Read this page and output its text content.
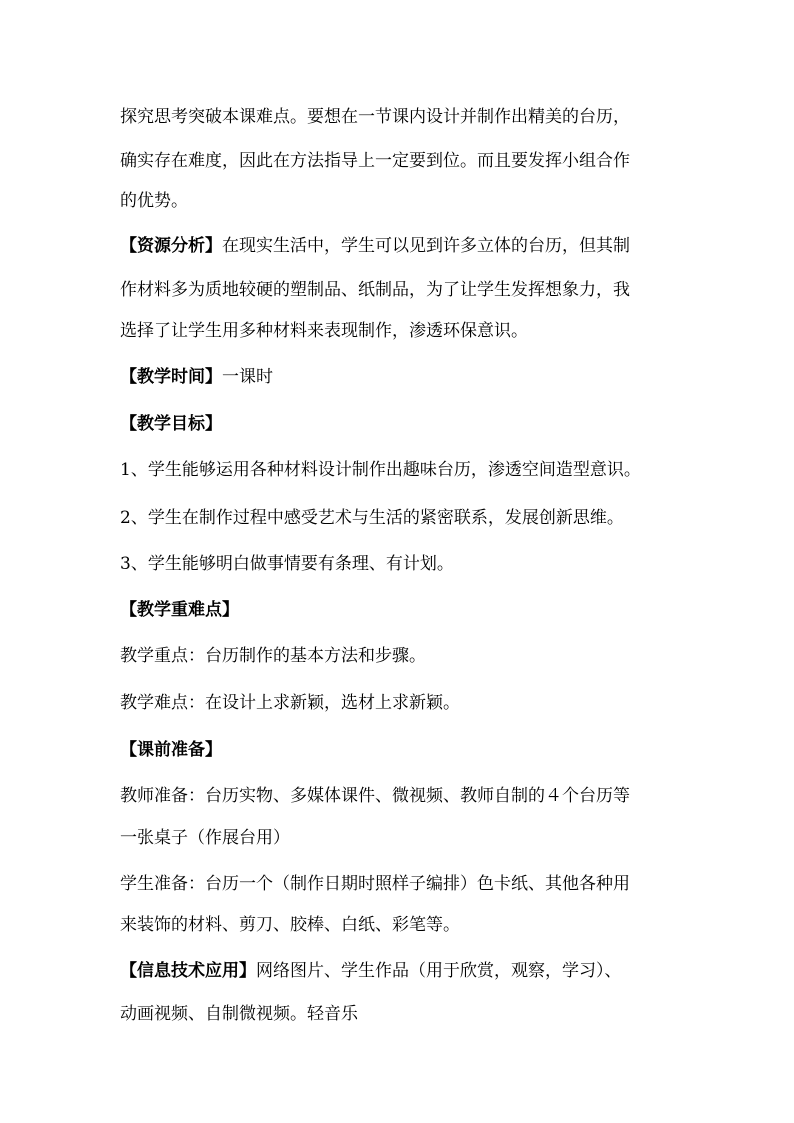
探究思考突破本课难点。要想在一节课内设计并制作出精美的台历，
确实存在难度，因此在方法指导上一定要到位。而且要发挥小组合作
的优势。
【资源分析】在现实生活中，学生可以见到许多立体的台历，但其制
作材料多为质地较硬的塑制品、纸制品，为了让学生发挥想象力，我
选择了让学生用多种材料来表现制作，渗透环保意识。
【教学时间】一课时
【教学目标】
1、学生能够运用各种材料设计制作出趣味台历，渗透空间造型意识。
2、学生在制作过程中感受艺术与生活的紧密联系，发展创新思维。
3、学生能够明白做事情要有条理、有计划。
【教学重难点】
教学重点：台历制作的基本方法和步骤。
教学难点：在设计上求新颖，选材上求新颖。
【课前准备】
教师准备：台历实物、多媒体课件、微视频、教师自制的４个台历等
一张桌子（作展台用）
学生准备：台历一个（制作日期时照样子编排）色卡纸、其他各种用
来装饰的材料、剪刀、胶棒、白纸、彩笔等。
【信息技术应用】网络图片、学生作品（用于欣赏，观察，学习）、
动画视频、自制微视频。轻音乐
